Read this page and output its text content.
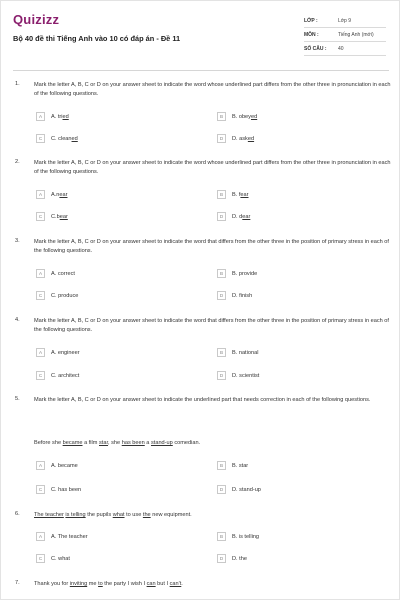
Quizizz
Bộ 40 đề thi Tiếng Anh vào 10 có đáp án - Đề 11
LỚP :	Lớp 9
MÔN :	Tiếng Anh (mới)
SỐ CÂU :	40
1.	Mark the letter A, B, C or D on your answer sheet to indicate the word whose underlined part differs from the other three in pronunciation in each of the following questions.
A	A. tried	B	B. obeyed
C	C. cleaned	D	D. asked
2.	Mark the letter A, B, C or D on your answer sheet to indicate the word whose underlined part differs from the other three in pronunciation in each of the following questions.
A	A.near	B	B. fear
C	C.bear	D	D. dear
3.	Mark the letter A, B, C or D on your answer sheet to indicate the word that differs from the other three in the position of primary stress in each of the following questions.
A	A. correct	B	B. provide
C	C. produce	D	D. finish
4.	Mark the letter A, B, C or D on your answer sheet to indicate the word that differs from the other three in the position of primary stress in each of the following questions.
A	A. engineer	B	B. national
C	C. architect	D	D. scientist
5.	Mark the letter A, B, C or D on your answer sheet to indicate the underlined part that needs correction in each of the following questions.
Before she became a film star, she has been a stand-up comedian.
A	A. became	B	B. star
C	C. has been	D	D. stand-up
6.	The teacher is telling the pupils what to use the new equipment.
A	A. The teacher	B	B. is telling
C	C. what	D	D. the
7.	Thank you for inviting me to the party I wish I can but I can't.
